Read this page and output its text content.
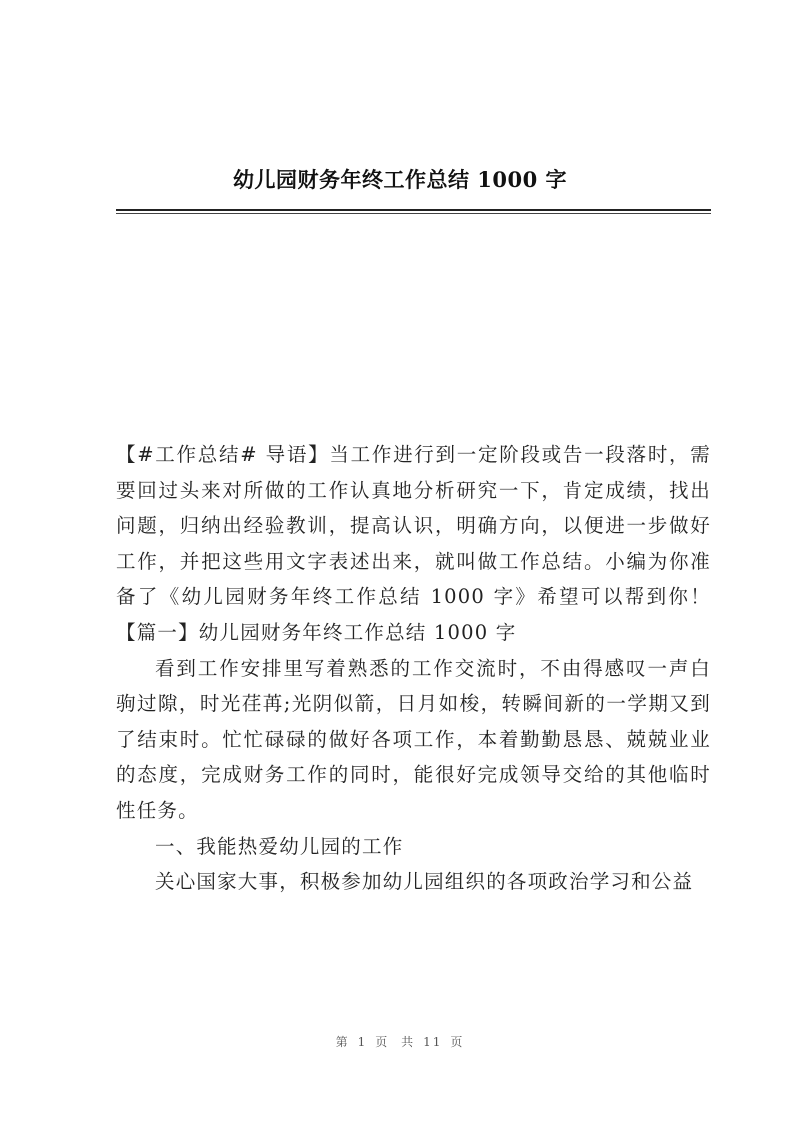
幼儿园财务年终工作总结 1000 字

【#工作总结# 导语】当工作进行到一定阶段或告一段落时，需要回过头来对所做的工作认真地分析研究一下，肯定成绩，找出问题，归纳出经验教训，提高认识，明确方向，以便进一步做好工作，并把这些用文字表述出来，就叫做工作总结。小编为你准备了《幼儿园财务年终工作总结 1000 字》希望可以帮到你！【篇一】幼儿园财务年终工作总结 1000 字

看到工作安排里写着熟悉的工作交流时，不由得感叹一声白驹过隙，时光荏苒;光阴似箭，日月如梭，转瞬间新的一学期又到了结束时。忙忙碌碌的做好各项工作，本着勤勤恳恳、兢兢业业的态度，完成财务工作的同时，能很好完成领导交给的其他临时性任务。

一、我能热爱幼儿园的工作

关心国家大事，积极参加幼儿园组织的各项政治学习和公益

第 1 页 共 11 页
